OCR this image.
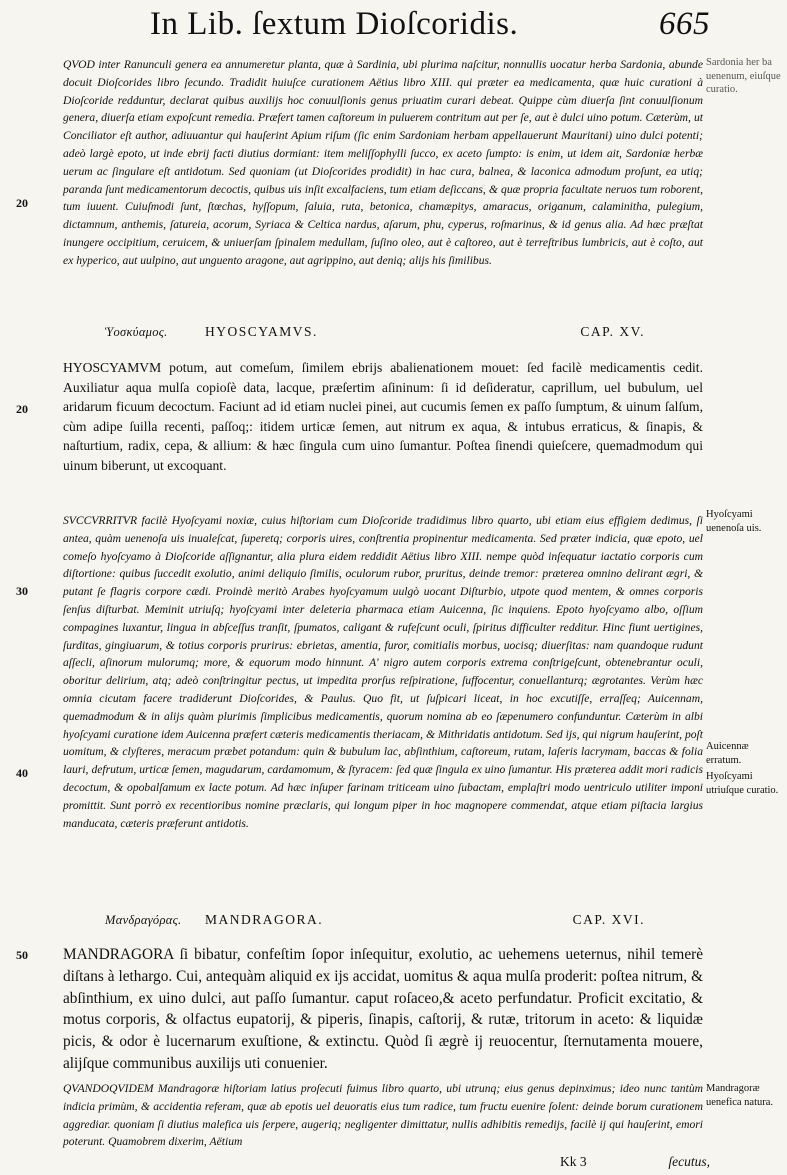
In Lib. ſextum Dioſcoridis.	665

QVOD inter Ranunculi genera ea annumeretur planta, quæ à Sardinia, ubi plurima naſcitur, nonnullis uocatur herba Sardonia, abunde docuit Dioſcorides libro ſecundo. Tradidit huiuſce curationem Aëtius libro XIII. qui præter ea medicamenta, quæ huic curationi à Dioſcoride redduntur, declarat quibus auxilijs hoc conuulſionis genus priuatim curari debeat. Quippe cùm diuerſa ſint conuulſionum genera, diuerſa etiam expoſcunt remedia. Præfert tamen caſtoreum in puluerem contritum aut per ſe, aut è dulci uino potum. Cæterùm, ut Conciliator eſt author, adiuuantur qui hauſerint Apium riſum (ſic enim Sardoniam herbam appellauerunt Mauritani) uino dulci potenti; adeò largè epoto, ut inde ebrij facti diutius dormiant: item meliſſophylli ſucco, ex aceto ſumpto: is enim, ut idem ait, Sardoniæ herbæ uerum ac ſingulare eſt antidotum. Sed quoniam (ut Dioſcorides prodidit) in hac cura, balnea, & laconica admodum proſunt, ea utiq; paranda ſunt medicamentorum decoctis, quibus uis inſit excalfaciens, tum etiam deſiccans, & quæ propria facultate neruos tum roborent, tum iuuent. Cuiuſmodi ſunt, ſtœchas, hyſſopum, ſaluia, ruta, betonica, chamæpitys, amaracus, origanum, calaminitha, pulegium, dictamnum, anthemis, ſatureia, acorum, Syriaca & Celtica nardus, aſarum, phu, cyperus, roſmarinus, & id genus alia. Ad hæc præſtat inungere occipitium, ceruicem, & uniuerſam ſpinalem medullam, ſuſino oleo, aut è caſtoreo, aut è terreſtribus lumbricis, aut è coſto, aut ex hyperico, aut uulpino, aut unguento aragone, aut agrippino, aut deniq; alijs his ſimilibus.

20
Sardonia her ba uenenum, eiuſque curatio.
Ὑοσκύαμος.	HYOSCYAMVS.	CAP. XV.

HYOSCYAMVM potum, aut comeſum, ſimilem ebrijs abalienationem mouet: ſed facilè medicamentis cedit. Auxiliatur aqua mulſa copioſè data, lacque, præſertim aſininum: ſi id deſideratur, caprillum, uel bubulum, uel aridarum ficuum decoctum. Faciunt ad id etiam nuclei pinei, aut cucumis ſemen ex paſſo ſumptum, & uinum ſalſum, cùm adipe ſuilla recenti, paſſoq;: itidem urticæ ſemen, aut nitrum ex aqua, & intubus erraticus, & ſinapis, & naſturtium, radix, cepa, & allium: & hæc ſingula cum uino ſumantur. Poſtea ſinendi quieſcere, quemadmodum qui uinum biberunt, ut excoquant.

20

SVCCVRRITVR facilè Hyoſcyami noxiæ, cuius hiſtoriam cum Dioſcoride tradidimus libro quarto, ubi etiam eius effigiem dedimus, ſi antea, quàm uenenoſa uis inualeſcat, ſuperetq; corporis uires, conſtrentia propinentur medicamenta. Sed præter indicia, quæ epoto, uel comeſo hyoſcyamo à Dioſcoride aſſignantur, alia plura eidem reddidit Aëtius libro XIII. nempe quòd inſequatur iactatio corporis cum diſtortione: quibus ſuccedit exolutio, animi deliquio ſimilis, oculorum rubor, pruritus, deinde tremor: præterea omnino delirant ægri, & putant ſe flagris corpore cædi. Proindè meritò Arabes hyoſcyamum uulgò uocant Diſturbio, utpote quod mentem, & omnes corporis ſenſus diſturbat. Meminit utriuſq; hyoſcyami inter deleteria pharmaca etiam Auicenna, ſic inquiens. Epoto hyoſcyamo albo, oſſium compagines luxantur, lingua in abſceſſus tranſit, ſpumatos, caligant & rufeſcunt oculi, ſpiritus difficulter redditur. Hinc fiunt uertigines, ſurditas, gingiuarum, & totius corporis prurirus: ebrietas, amentia, furor, comitialis morbus, uocisq; diuerſitas: nam quandoque rudunt aſſecli, aſinorum mulorumq; more, & equorum modo hinnunt. A' nigro autem corporis extrema conſtrigeſcunt, obtenebrantur oculi, oboritur delirium, atq; adeò conſtringitur pectus, ut impedita prorſus reſpiratione, ſuffocentur, conuellanturq; ægrotantes. Verùm hæc omnia cicutam facere tradiderunt Dioſcorides, & Paulus. Quo fit, ut ſuſpicari liceat, in hoc excutiſſe, erraſſeq; Auicennam, quemadmodum & in alijs quàm plurimis ſimplicibus medicamentis, quorum nomina ab eo ſæpenumero confunduntur. Cæterùm in albi hyoſcyami curatione idem Auicenna præfert cæteris medicamentis theriacam, & Mithridatis antidotum. Sed ijs, qui nigrum hauſerint, poſt uomitum, & clyſteres, meracum præbet potandum: quin & bubulum lac, abſinthium, caſtoreum, rutam, laſeris lacrymam, baccas & folia lauri, defrutum, urticæ ſemen, magudarum, cardamomum, & ſtyracem: ſed quæ ſingula ex uino ſumantur. His præterea addit mori radicis decoctum, & opobalſamum ex lacte potum. Ad hæc inſuper farinam triticeam uino ſubactam, emplaſtri modo uentriculo utiliter imponi promittit. Sunt porrò ex recentioribus nomine præclaris, qui longum piper in hoc magnopere commendat, atque etiam piſtacia largius manducata, cæteris præferunt antidotis.

30
40
Hyoſcyami uenenoſa uis.
Auicennæ erratum.
Hyoſcyami utriuſque curatio.
Μανδραγόρας. MANDRAGORA.	CAP. XVI.

MANDRAGORA ſi bibatur, confeſtim ſopor inſequitur, exolutio, ac uehemens ueternus, nihil temerè diſtans à lethargo. Cui, antequàm aliquid ex ijs accidat, uomitus & aqua mulſa proderit: poſtea nitrum, & abſinthium, ex uino dulci, aut paſſo ſumantur. caput roſaceo,& aceto perfundatur. Proficit excitatio, & motus corporis, & olfactus eupatorij, & piperis, ſinapis, caſtorij, & rutæ, tritorum in aceto: & liquidæ picis, & odor è lucernarum exuſtione, & extinctu. Quòd ſi ægrè ij reuocentur, ſternutamenta mouere, alijſque communibus auxilijs uti conuenier.

50

QVANDOQVIDEM Mandragoræ hiſtoriam latius proſecuti fuimus libro quarto, ubi utrunq; eius genus depinximus; ideo nunc tantùm indicia primùm, & accidentia referam, quæ ab epotis uel deuoratis eius tum radice, tum fructu euenire ſolent: deinde borum curationem aggrediar. quoniam ſi diutius malefica uis ſerpere, augeriq; negligenter dimittatur, nullis adhibitis remedijs, facilè ij qui hauſerint, emori poterunt. Quamobrem dixerim, Aëtium

Mandragoræ uenefica natura.
Kk 3	ſecutus,
